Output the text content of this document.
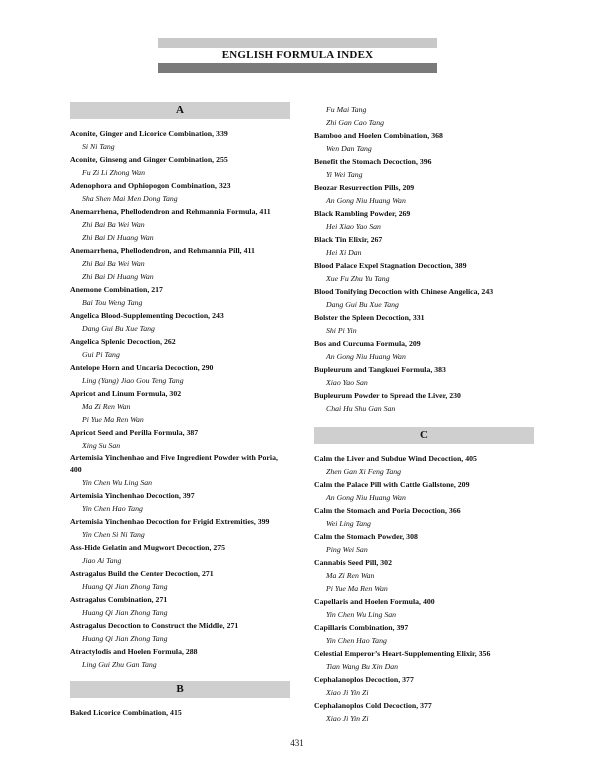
ENGLISH FORMULA INDEX
A
Aconite, Ginger and Licorice Combination, 339
Si Ni Tang
Aconite, Ginseng and Ginger Combination, 255
Fu Zi Li Zhong Wan
Adenophora and Ophiopogon Combination, 323
Sha Shen Mai Men Dong Tang
Anemarrhena, Phellodendron and Rehmannia Formula, 411
Zhi Bai Ba Wei Wan
Zhi Bai Di Huang Wan
Anemarrhena, Phellodendron, and Rehmannia Pill, 411
Zhi Bai Ba Wei Wan
Zhi Bai Di Huang Wan
Anemone Combination, 217
Bai Tou Weng Tang
Angelica Blood-Supplementing Decoction, 243
Dang Gui Bu Xue Tang
Angelica Splenic Decoction, 262
Gui Pi Tang
Antelope Horn and Uncaria Decoction, 290
Ling (Yang) Jiao Gou Teng Tang
Apricot and Linum Formula, 302
Ma Zi Ren Wan
Pi Yue Ma Ren Wan
Apricot Seed and Perilla Formula, 387
Xing Su San
Artemisia Yinchenhao and Five Ingredient Powder with Poria, 400
Yin Chen Wu Ling San
Artemisia Yinchenhao Decoction, 397
Yin Chen Hao Tang
Artemisia Yinchenhao Decoction for Frigid Extremities, 399
Yin Chen Si Ni Tang
Ass-Hide Gelatin and Mugwort Decoction, 275
Jiao Ai Tang
Astragalus Build the Center Decoction, 271
Huang Qi Jian Zhong Tang
Astragalus Combination, 271
Huang Qi Jian Zhong Tang
Astragalus Decoction to Construct the Middle, 271
Huang Qi Jian Zhong Tang
Atractylodis and Hoelen Formula, 288
Ling Gui Zhu Gan Tang
B
Baked Licorice Combination, 415
Fu Mai Tang
Zhi Gan Cao Tang
Bamboo and Hoelen Combination, 368
Wen Dan Tang
Benefit the Stomach Decoction, 396
Yi Wei Tang
Beozar Resurrection Pills, 209
An Gong Niu Huang Wan
Black Rambling Powder, 269
Hei Xiao Yao San
Black Tin Elixir, 267
Hei Xi Dan
Blood Palace Expel Stagnation Decoction, 389
Xue Fu Zhu Yu Tang
Blood Tonifying Decoction with Chinese Angelica, 243
Dang Gui Bu Xue Tang
Bolster the Spleen Decoction, 331
Shi Pi Yin
Bos and Curcuma Formula, 209
An Gong Niu Huang Wan
Bupleurum and Tangkuei Formula, 383
Xiao Yao San
Bupleurum Powder to Spread the Liver, 230
Chai Hu Shu Gan San
C
Calm the Liver and Subdue Wind Decoction, 405
Zhen Gan Xi Feng Tang
Calm the Palace Pill with Cattle Gallstone, 209
An Gong Niu Huang Wan
Calm the Stomach and Poria Decoction, 366
Wei Ling Tang
Calm the Stomach Powder, 308
Ping Wei San
Cannabis Seed Pill, 302
Ma Zi Ren Wan
Pi Yue Ma Ren Wan
Capellaris and Hoelen Formula, 400
Yin Chen Wu Ling San
Capillaris Combination, 397
Yin Chen Hao Tang
Celestial Emperor’s Heart-Supplementing Elixir, 356
Tian Wang Bu Xin Dan
Cephalanoplos Decoction, 377
Xiao Ji Yin Zi
Cephalanoplos Cold Decoction, 377
Xiao Ji Yin Zi
431
